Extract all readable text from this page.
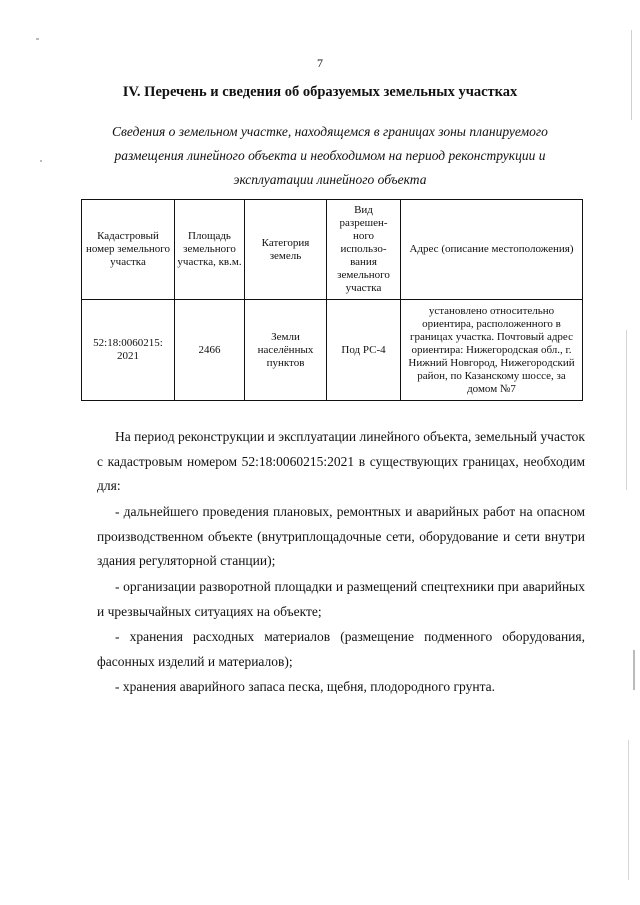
7
IV. Перечень и сведения об образуемых земельных участках
Сведения о земельном участке, находящемся в границах зоны планируемого
размещения линейного объекта и необходимом на период реконструкции и
эксплуатации линейного объекта
Кадастровый номер земельного участка	Площадь земельного участка, кв.м.	Категория земель	Вид разрешен-ного использо-вания земельного участка	Адрес (описание местоположения)
52:18:0060215: 2021	2466	Земли населённых пунктов	Под РС-4	установлено относительно ориентира, расположенного в границах участка. Почтовый адрес ориентира: Нижегородская обл., г. Нижний Новгород, Нижегородский район, по Казанскому шоссе, за домом №7

На период реконструкции и эксплуатации линейного объекта, земельный участок с кадастровым номером 52:18:0060215:2021 в существующих границах, необходим для:

- дальнейшего проведения плановых, ремонтных и аварийных работ на опасном производственном объекте (внутриплощадочные сети, оборудование и сети внутри здания регуляторной станции);

- организации разворотной площадки и размещений спецтехники при аварийных и чрезвычайных ситуациях на объекте;

- хранения расходных материалов (размещение подменного оборудования, фасонных изделий и материалов);

- хранения аварийного запаса песка, щебня, плодородного грунта.
